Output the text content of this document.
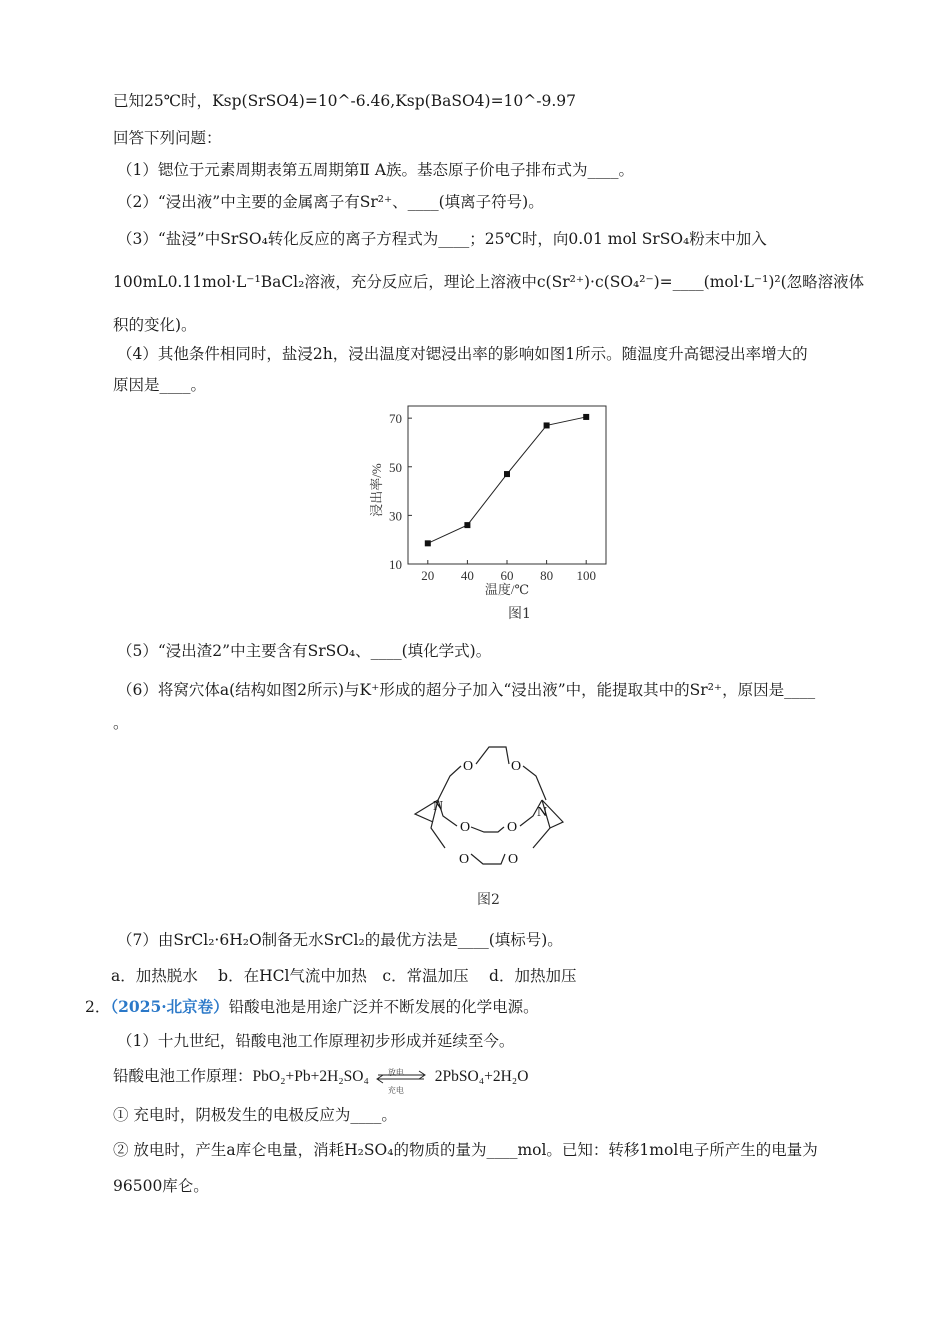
已知25℃时，Ksp(SrSO4)=10^-6.46,Ksp(BaSO4)=10^-9.97
回答下列问题：
（1）锶位于元素周期表第五周期第Ⅱ A族。基态原子价电子排布式为____。
（2）“浸出液”中主要的金属离子有Sr²⁺、____(填离子符号)。
（3）“盐浸”中SrSO₄转化反应的离子方程式为____；25℃时，向0.01 mol SrSO₄粉末中加入
100mL0.11mol·L⁻¹BaCl₂溶液，充分反应后，理论上溶液中c(Sr²⁺)·c(SO₄²⁻)=____(mol·L⁻¹)²(忽略溶液体
积的变化)。
（4）其他条件相同时，盐浸2h，浸出温度对锶浸出率的影响如图1所示。随温度升高锶浸出率增大的
原因是____。
10
30
50
70
20 40 60 80 100
浸出率/%
温度/℃
图1
（5）“浸出渣2”中主要含有SrSO₄、____(填化学式)。
（6）将窝穴体a(结构如图2所示)与K⁺形成的超分子加入“浸出液”中，能提取其中的Sr²⁺，原因是____
。
O	O
N
O	O
N
O	O
图2
（7）由SrCl₂·6H₂O制备无水SrCl₂的最优方法是____(填标号)。
a．加热脱水　 b．在HCl气流中加热　c．常温加压　 d．加热加压
2．（2025·北京卷）铅酸电池是用途广泛并不断发展的化学电源。
（1）十九世纪，铅酸电池工作原理初步形成并延续至今。
铅酸电池工作原理：PbO₂+Pb+2H₂SO₄ 放电
充电
2PbSO₄+2H₂O
① 充电时，阴极发生的电极反应为____。
② 放电时，产生a库仑电量，消耗H₂SO₄的物质的量为____mol。已知：转移1mol电子所产生的电量为
96500库仑。
